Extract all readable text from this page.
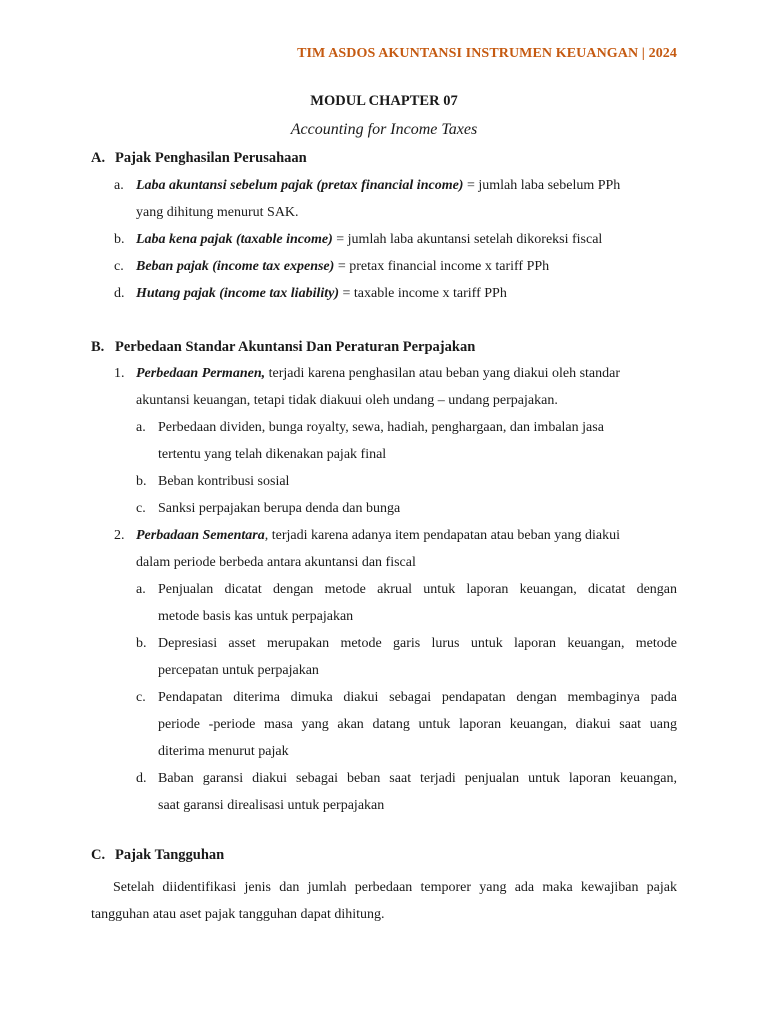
TIM ASDOS AKUNTANSI INSTRUMEN KEUANGAN | 2024
MODUL CHAPTER 07
Accounting for Income Taxes
A. Pajak Penghasilan Perusahaan
a. Laba akuntansi sebelum pajak (pretax financial income) = jumlah laba sebelum PPh
yang dihitung menurut SAK.
b. Laba kena pajak (taxable income) = jumlah laba akuntansi setelah dikoreksi fiscal
c. Beban pajak (income tax expense) = pretax financial income x tariff PPh
d. Hutang pajak (income tax liability) = taxable income x tariff PPh
B. Perbedaan Standar Akuntansi Dan Peraturan Perpajakan
1. Perbedaan Permanen, terjadi karena penghasilan atau beban yang diakui oleh standar
akuntansi keuangan, tetapi tidak diakuui oleh undang – undang perpajakan.
a. Perbedaan dividen, bunga royalty, sewa, hadiah, penghargaan, dan imbalan jasa
tertentu yang telah dikenakan pajak final
b. Beban kontribusi sosial
c. Sanksi perpajakan berupa denda dan bunga
2. Perbadaan Sementara, terjadi karena adanya item pendapatan atau beban yang diakui
dalam periode berbeda antara akuntansi dan fiscal
a. Penjualan dicatat dengan metode akrual untuk laporan keuangan, dicatat dengan
metode basis kas untuk perpajakan
b. Depresiasi asset merupakan metode garis lurus untuk laporan keuangan, metode
percepatan untuk perpajakan
c. Pendapatan diterima dimuka diakui sebagai pendapatan dengan membaginya pada
periode -periode masa yang akan datang untuk laporan keuangan, diakui saat uang
diterima menurut pajak
d. Baban garansi diakui sebagai beban saat terjadi penjualan untuk laporan keuangan,
saat garansi direalisasi untuk perpajakan
C. Pajak Tangguhan
Setelah diidentifikasi jenis dan jumlah perbedaan temporer yang ada maka kewajiban pajak
tangguhan atau aset pajak tangguhan dapat dihitung.
